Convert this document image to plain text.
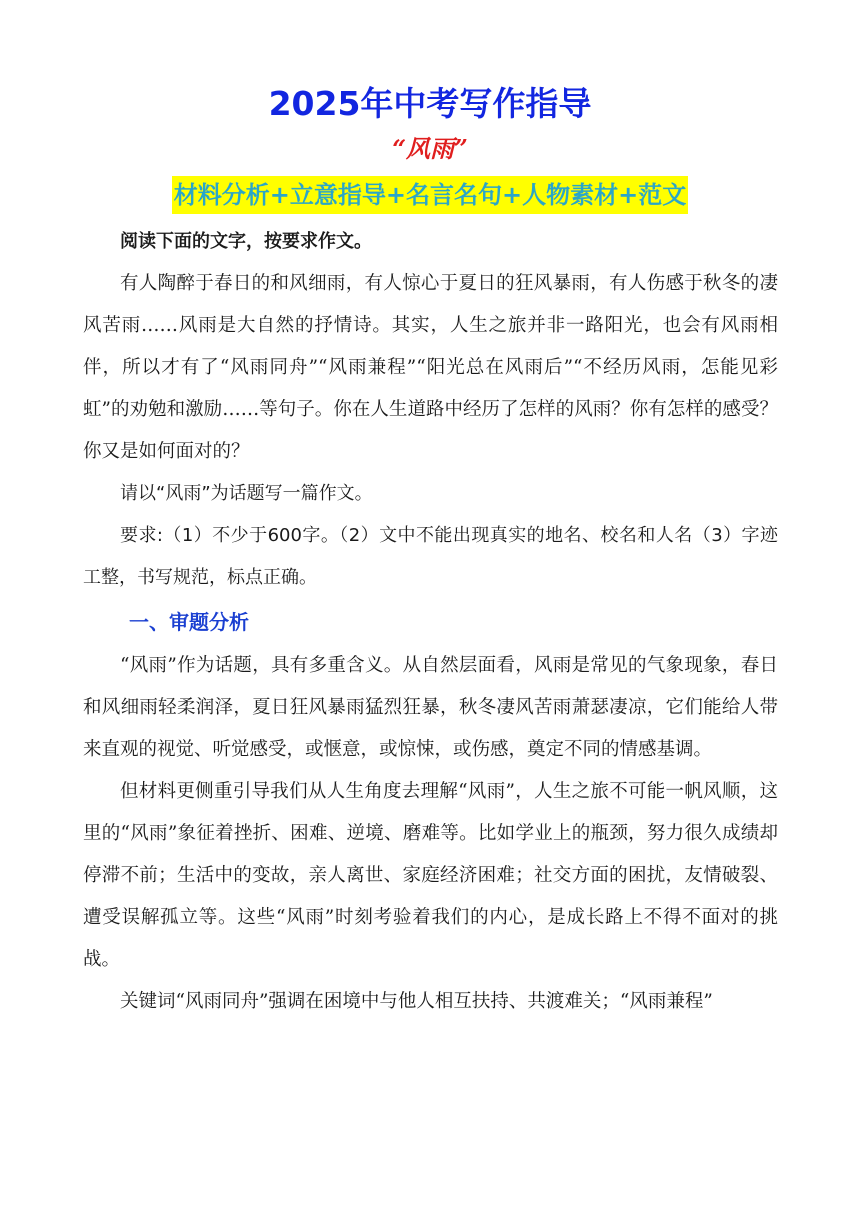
2025年中考写作指导
“风雨”
材料分析+立意指导+名言名句+人物素材+范文

阅读下面的文字，按要求作文。

有人陶醉于春日的和风细雨，有人惊心于夏日的狂风暴雨，有人伤感于秋冬的凄风苦雨……风雨是大自然的抒情诗。其实，人生之旅并非一路阳光，也会有风雨相伴，所以才有了“风雨同舟”“风雨兼程”“阳光总在风雨后”“不经历风雨，怎能见彩虹”的劝勉和激励……等句子。你在人生道路中经历了怎样的风雨？你有怎样的感受？你又是如何面对的？

请以“风雨”为话题写一篇作文。

要求:（1）不少于600字。（2）文中不能出现真实的地名、校名和人名（3）字迹工整，书写规范，标点正确。

一、审题分析

“风雨”作为话题，具有多重含义。从自然层面看，风雨是常见的气象现象，春日和风细雨轻柔润泽，夏日狂风暴雨猛烈狂暴，秋冬凄风苦雨萧瑟凄凉，它们能给人带来直观的视觉、听觉感受，或惬意，或惊悚，或伤感，奠定不同的情感基调。

但材料更侧重引导我们从人生角度去理解“风雨”，人生之旅不可能一帆风顺，这里的“风雨”象征着挫折、困难、逆境、磨难等。比如学业上的瓶颈，努力很久成绩却停滞不前；生活中的变故，亲人离世、家庭经济困难；社交方面的困扰，友情破裂、遭受误解孤立等。这些“风雨”时刻考验着我们的内心，是成长路上不得不面对的挑战。

关键词“风雨同舟”强调在困境中与他人相互扶持、共渡难关；“风雨兼程”
